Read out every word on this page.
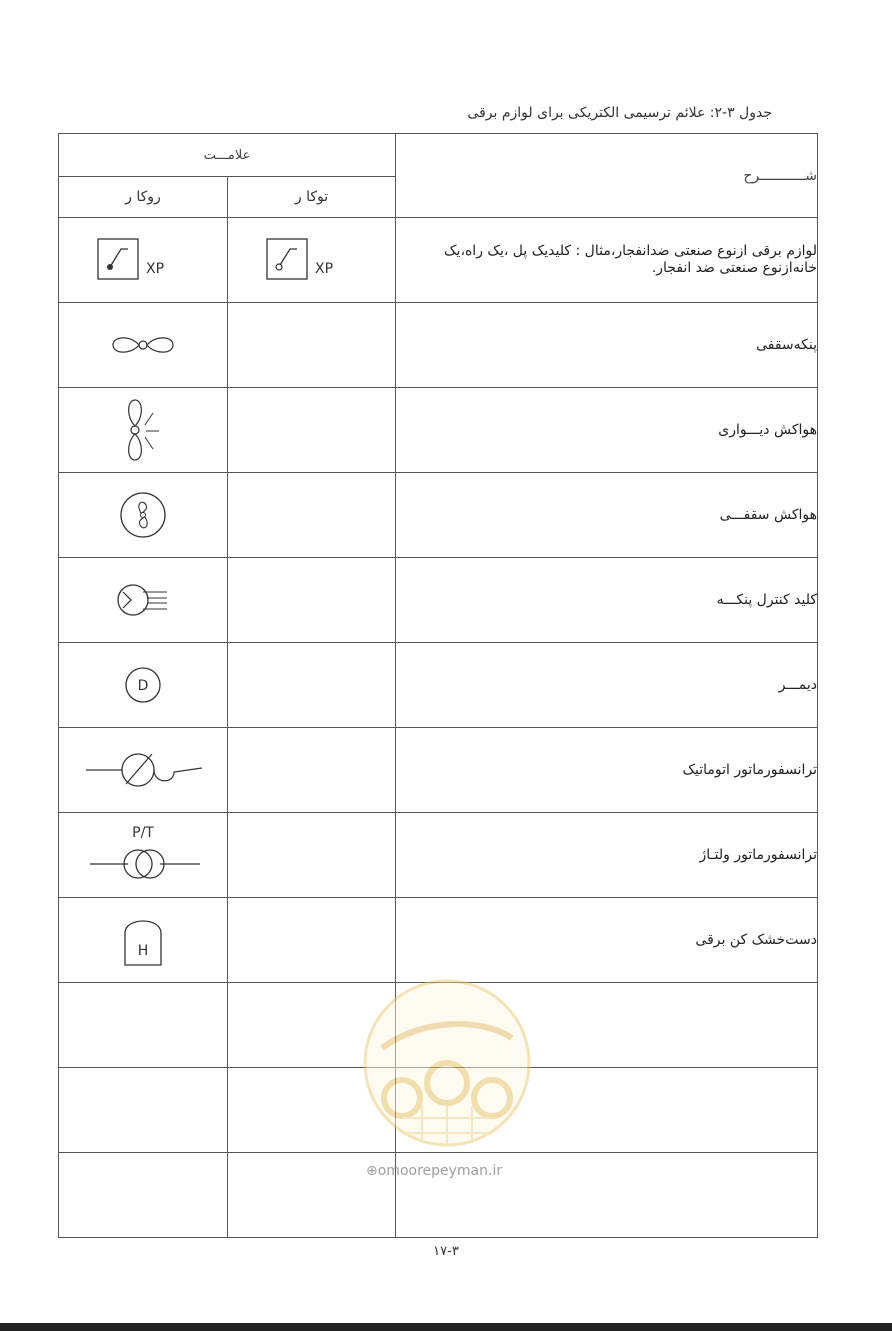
جدول ۳-۲: علائم ترسیمی الکتریکی برای لوازم برقی
علامـــت		شـــــــــــرح
روکا ر	توکا ر	

XP	XP	لوازم برقی ازنوع صنعتی ضدانفجار،مثال : کلیدیک پل ،یک راه،یک خانه‌ازنوع صنعتی ضد انفجار.
		پنکه‌سقفی
		هواکش دیـــواری
		هواکش سقفـــی
		کلید کنترل پنکـــه

D		دیمـــر
		ترانسفورماتور اتوماتیک

P/T		ترانسفورماتور ولتـاژ

H		دست‌خشک کن برقی

⊕omoorepeyman.ir
۱۷-۳
